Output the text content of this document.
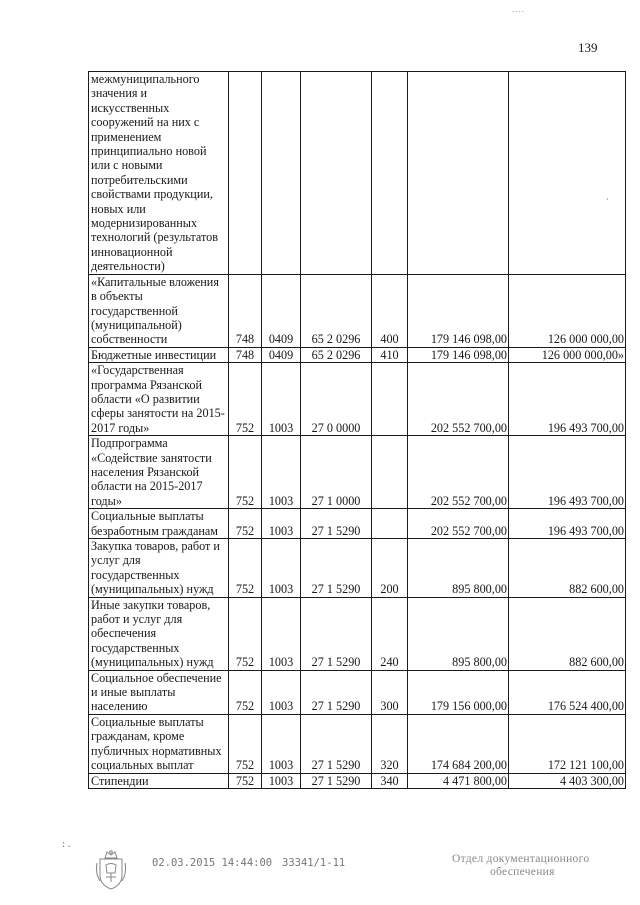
....
139
межмуниципального значения и искусственных сооружений на них с применением принципиально новой или с новыми потребительскими свойствами продукции, новых или модернизированных технологий (результатов инновационной деятельности)						
«Капитальные вложения в объекты государственной (муниципальной) собственности	748	0409	65 2 0296	400	179 146 098,00	126 000 000,00
Бюджетные инвестиции	748	0409	65 2 0296	410	179 146 098,00	126 000 000,00»
«Государственная программа Рязанской области «О развитии сферы занятости на 2015-2017 годы»	752	1003	27 0 0000		202 552 700,00	196 493 700,00
Подпрограмма «Содействие занятости населения Рязанской области на 2015-2017 годы»	752	1003	27 1 0000		202 552 700,00	196 493 700,00
Социальные выплаты безработным гражданам	752	1003	27 1 5290		202 552 700,00	196 493 700,00
Закупка товаров, работ и услуг для государственных (муниципальных) нужд	752	1003	27 1 5290	200	895 800,00	882 600,00
Иные закупки товаров, работ и услуг для обеспечения государственных (муниципальных) нужд	752	1003	27 1 5290	240	895 800,00	882 600,00
Социальное обеспечение и иные выплаты населению	752	1003	27 1 5290	300	179 156 000,00	176 524 400,00
Социальные выплаты гражданам, кроме публичных нормативных социальных выплат	752	1003	27 1 5290	320	174 684 200,00	172 121 100,00
Стипендии	752	1003	27 1 5290	340	4 471 800,00	4 403 300,00
·
: .
02.03.2015 14:44:00 33341/1-11	Отдел документационного
обеспечения
